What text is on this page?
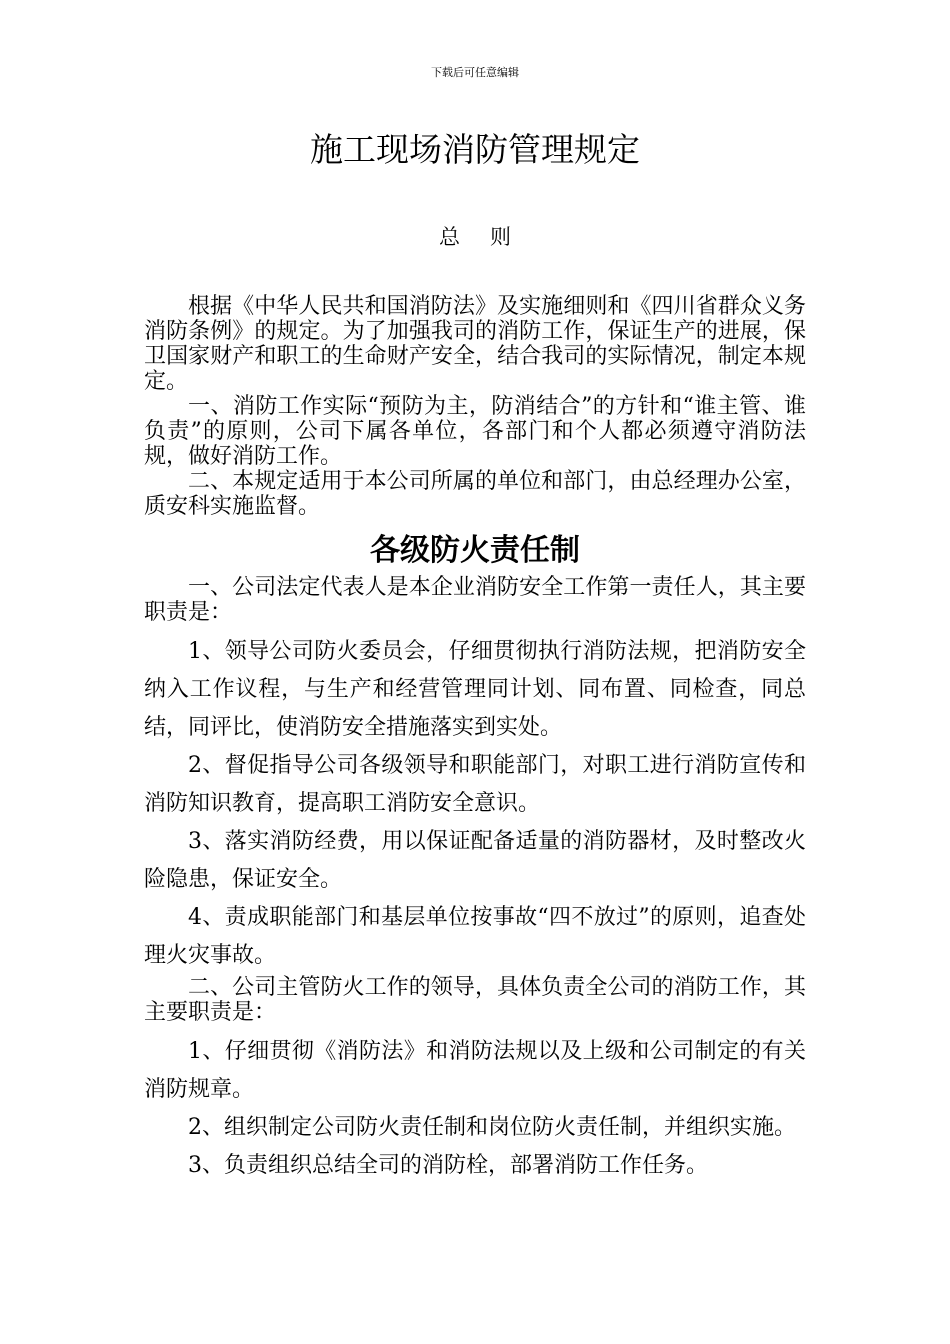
下载后可任意编辑
施工现场消防管理规定
总则

根据《中华人民共和国消防法》及实施细则和《四川省群众义务消防条例》的规定。为了加强我司的消防工作，保证生产的进展，保卫国家财产和职工的生命财产安全，结合我司的实际情况，制定本规定。

一、消防工作实际“预防为主，防消结合”的方针和“谁主管、谁负责”的原则，公司下属各单位，各部门和个人都必须遵守消防法规，做好消防工作。

二、本规定适用于本公司所属的单位和部门，由总经理办公室，质安科实施监督。

各级防火责任制

一、公司法定代表人是本企业消防安全工作第一责任人，其主要职责是：

1、领导公司防火委员会，仔细贯彻执行消防法规，把消防安全纳入工作议程，与生产和经营管理同计划、同布置、同检查，同总结，同评比，使消防安全措施落实到实处。

2、督促指导公司各级领导和职能部门，对职工进行消防宣传和消防知识教育，提高职工消防安全意识。

3、落实消防经费，用以保证配备适量的消防器材，及时整改火险隐患，保证安全。

4、责成职能部门和基层单位按事故“四不放过”的原则，追查处理火灾事故。

二、公司主管防火工作的领导，具体负责全公司的消防工作，其主要职责是：

1、仔细贯彻《消防法》和消防法规以及上级和公司制定的有关消防规章。

2、组织制定公司防火责任制和岗位防火责任制，并组织实施。

3、负责组织总结全司的消防栓，部署消防工作任务。
